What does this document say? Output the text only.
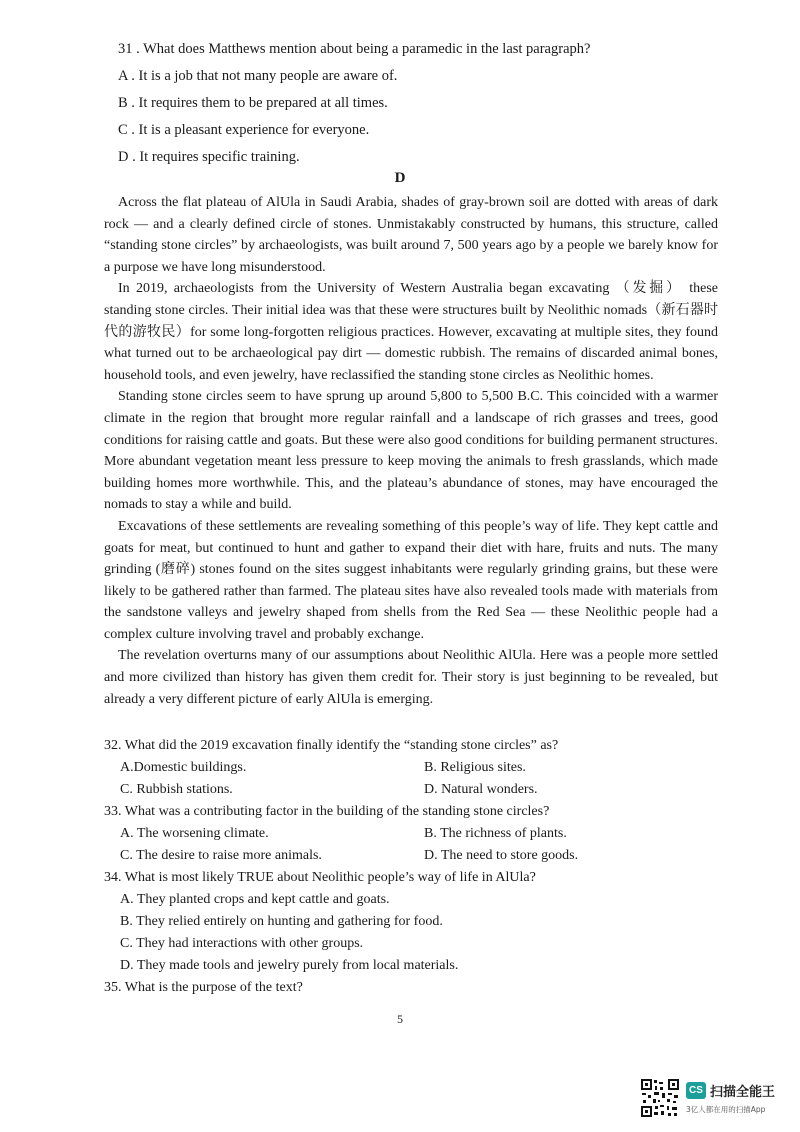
31 . What does Matthews mention about being a paramedic in the last paragraph?
A . It is a job that not many people are aware of.
B . It requires them to be prepared at all times.
C . It is a pleasant experience for everyone.
D . It requires specific training.
D

Across the flat plateau of AlUla in Saudi Arabia, shades of gray-brown soil are dotted with areas of dark rock — and a clearly defined circle of stones. Unmistakably constructed by humans, this structure, called “standing stone circles” by archaeologists, was built around 7, 500 years ago by a people we barely know for a purpose we have long misunderstood.

In 2019, archaeologists from the University of Western Australia began excavating （发掘） these standing stone circles. Their initial idea was that these were structures built by Neolithic nomads（新石器时代的游牧民）for some long-forgotten religious practices. However, excavating at multiple sites, they found what turned out to be archaeological pay dirt — domestic rubbish. The remains of discarded animal bones, household tools, and even jewelry, have reclassified the standing stone circles as Neolithic homes.

Standing stone circles seem to have sprung up around 5,800 to 5,500 B.C. This coincided with a warmer climate in the region that brought more regular rainfall and a landscape of rich grasses and trees, good conditions for raising cattle and goats. But these were also good conditions for building permanent structures. More abundant vegetation meant less pressure to keep moving the animals to fresh grasslands, which made building homes more worthwhile. This, and the plateau’s abundance of stones, may have encouraged the nomads to stay a while and build.

Excavations of these settlements are revealing something of this people’s way of life. They kept cattle and goats for meat, but continued to hunt and gather to expand their diet with hare, fruits and nuts. The many grinding (磨碎) stones found on the sites suggest inhabitants were regularly grinding grains, but these were likely to be gathered rather than farmed. The plateau sites have also revealed tools made with materials from the sandstone valleys and jewelry shaped from shells from the Red Sea — these Neolithic people had a complex culture involving travel and probably exchange.

The revelation overturns many of our assumptions about Neolithic AlUla. Here was a people more settled and more civilized than history has given them credit for. Their story is just beginning to be revealed, but already a very different picture of early AlUla is emerging.

32. What did the 2019 excavation finally identify the “standing stone circles” as?
A.Domestic buildings.	B. Religious sites.
C. Rubbish stations.	D. Natural wonders.
33. What was a contributing factor in the building of the standing stone circles?
A. The worsening climate.	B. The richness of plants.
C. The desire to raise more animals.	D. The need to store goods.
34. What is most likely TRUE about Neolithic people’s way of life in AlUla?
A. They planted crops and kept cattle and goats.
B. They relied entirely on hunting and gathering for food.
C. They had interactions with other groups.
D. They made tools and jewelry purely from local materials.
35. What is the purpose of the text?
5
CS 扫描全能王
3亿人都在用的扫描App
